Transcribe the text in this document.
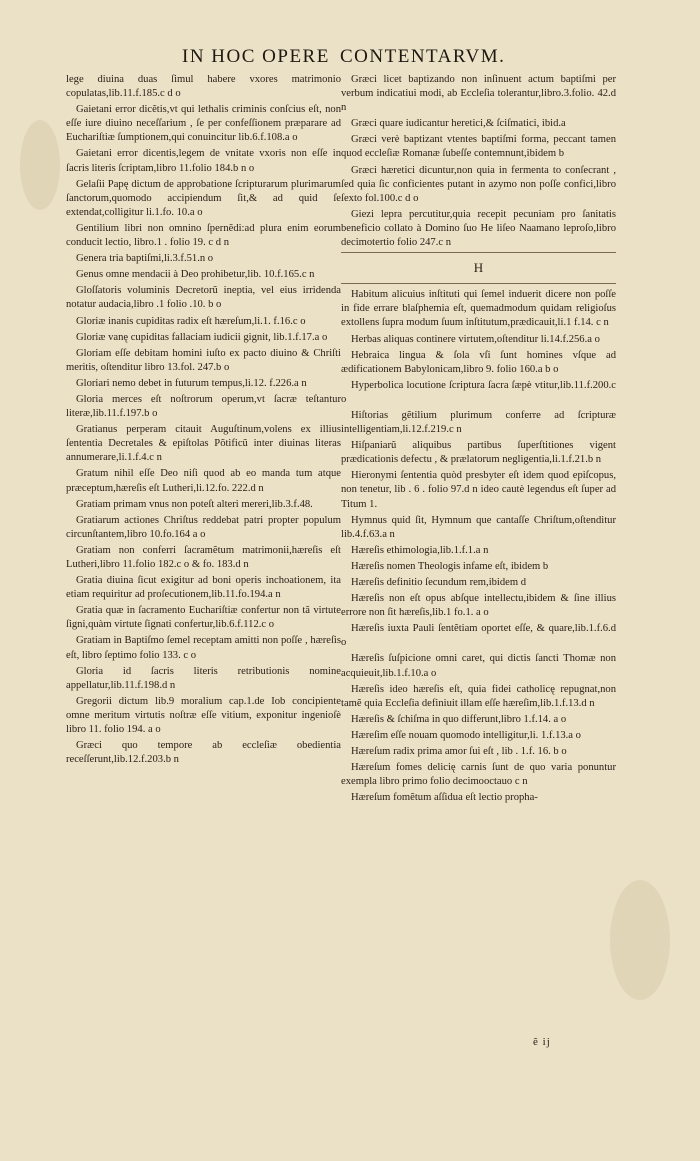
IN HOC OPERE CONTENTARVM.

lege diuina duas ſimul habere vxores matrimonio copulatas,lib.11.f.185.c d o

Gaietani error dicẽtis,vt qui lethalis criminis conſcius eſt, non eſſe iure diuino neceſſarium , ſe per confeſſionem præparare ad Euchariſtiæ ſumptionem,qui conuincitur lib.6.f.108.a o

Gaietani error dicentis,legem de vnitate vxoris non eſſe in ſacris literis ſcriptam,libro 11.folio 184.b n o

Gelaſii Papę dictum de approbatione ſcripturarum plurimarum ſanctorum,quomodo accipiendum ſit,& ad quid ſe extendat,colligitur li.1.fo. 10.a o

Gentilium libri non omnino ſpernẽdi:ad plura enim eorum conducit lectio, libro.1 . folio 19. c d n

Genera tria baptiſmi,li.3.f.51.n o

Genus omne mendacii à Deo prohibetur,lib. 10.f.165.c n

Gloſſatoris voluminis Decretorũ ineptia, vel eius irridenda notatur audacia,libro .1 folio .10. b o

Gloriæ inanis cupiditas radix eſt hæreſum,li.1. f.16.c o

Gloriæ vanę cupiditas fallaciam iudicii gignit, lib.1.f.17.a o

Gloriam eſſe debitam homini iuſto ex pacto diuino & Chriſti meritis, oſtenditur libro 13.fol. 247.b o

Gloriari nemo debet in futurum tempus,li.12. f.226.a n

Gloria merces eſt noſtrorum operum,vt ſacræ teſtantur literæ,lib.11.f.197.b o

Gratianus perperam citauit Auguſtinum,volens ex illius ſententia Decretales & epiſtolas Põtificũ inter diuinas literas annumerare,li.1.f.4.c n

Gratum nihil eſſe Deo niſi quod ab eo manda tum atque præceptum,hæreſis eſt Lutheri,li.12.fo. 222.d n

Gratiam primam vnus non poteſt alteri mereri,lib.3.f.48.

Gratiarum actiones Chriſtus reddebat patri propter populum circunſtantem,libro 10.fo.164 a o

Gratiam non conferri ſacramẽtum matrimonii,hæreſis eſt Lutheri,libro 11.folio 182.c o & fo. 183.d n

Gratia diuina ſicut exigitur ad boni operis inchoationem, ita etiam requiritur ad proſecutionem,lib.11.fo.194.a n

Gratia quæ in ſacramento Euchariſtiæ confertur non tã virtute ſigni,quàm virtute ſignati confertur,lib.6.f.112.c o

Gratiam in Baptiſmo ſemel receptam amitti non poſſe , hæreſis eſt, libro ſeptimo folio 133. c o

Gloria id ſacris literis retributionis nomine appellatur,lib.11.f.198.d n

Gregorii dictum lib.9 moralium cap.1.de Iob concipiente omne meritum virtutis noſtræ eſſe vitium, exponitur ingenioſè libro 11. folio 194. a o

Græci quo tempore ab eccleſiæ obedientia receſſerunt,lib.12.f.203.b n

Græci licet baptizando non inſinuent actum baptiſmi per verbum indicatiui modi, ab Eccleſia tolerantur,libro.3.folio. 42.d n

Græci quare iudicantur heretici,& ſciſmatici, ibid.a

Græci verè baptizant vtentes baptiſmi forma, peccant tamen quod eccleſiæ Romanæ ſubeſſe contemnunt,ibidem b

Græci hæretici dicuntur,non quia in fermenta to conſecrant , ſed quia ſic conficientes putant in azymo non poſſe confici,libro ſexto fol.100.c d o

Giezi lepra percutitur,quia recepit pecuniam pro ſanitatis beneficio collato à Domino ſuo He liſeo Naamano leproſo,libro decimotertio folio 247.c n

H

Habitum alicuius inſtituti qui ſemel induerit dicere non poſſe in fide errare blaſphemia eſt, quemadmodum quidam religioſus extollens ſupra modum ſuum inſtitutum,prædicauit,li.1 f.14. c n

Herbas aliquas continere virtutem,oſtenditur li.14.f.256.a o

Hebraica lingua & ſola vſi ſunt homines vſque ad ædificationem Babylonicam,libro 9. folio 160.a b o

Hyperbolica locutione ſcriptura ſacra ſæpè vtitur,lib.11.f.200.c o

Hiſtorias gẽtilium plurimum conferre ad ſcripturæ intelligentiam,li.12.f.219.c n

Hiſpaniarũ aliquibus partibus ſuperſtitiones vigent prædicationis defectu , & prælatorum negligentia,li.1.f.21.b n

Hieronymi ſententia quòd presbyter eſt idem quod epiſcopus, non tenetur, lib . 6 . folio 97.d n ideo cautè legendus eſt ſuper ad Titum 1.

Hymnus quid ſit, Hymnum que cantaſſe Chriſtum,oſtenditur lib.4.f.63.a n

Hæreſis ethimologia,lib.1.f.1.a n

Hæreſis nomen Theologis infame eſt, ibidem b

Hæreſis definitio ſecundum rem,ibidem d

Hæreſis non eſt opus abſque intellectu,ibidem & ſine illius errore non ſit hæreſis,lib.1 fo.1. a o

Hæreſis iuxta Pauli ſentẽtiam oportet eſſe, & quare,lib.1.f.6.d o

Hæreſis ſuſpicione omni caret, qui dictis ſancti Thomæ non acquieuit,lib.1.f.10.a o

Hæreſis ideo hæreſis eſt, quia fidei catholicę repugnat,non tamẽ quia Eccleſia definiuit illam eſſe hæreſim,lib.1.f.13.d n

Hæreſis & ſchiſma in quo differunt,libro 1.f.14. a o

Hæreſim eſſe nouam quomodo intelligitur,li. 1.f.13.a o

Hæreſum radix prima amor ſui eſt , lib . 1.f. 16. b o

Hæreſum fomes delicię carnis ſunt de quo varia ponuntur exempla libro primo folio decimooctauo c n

Hæreſum fomẽtum aſſidua eſt lectio propha-

ẽ ij
